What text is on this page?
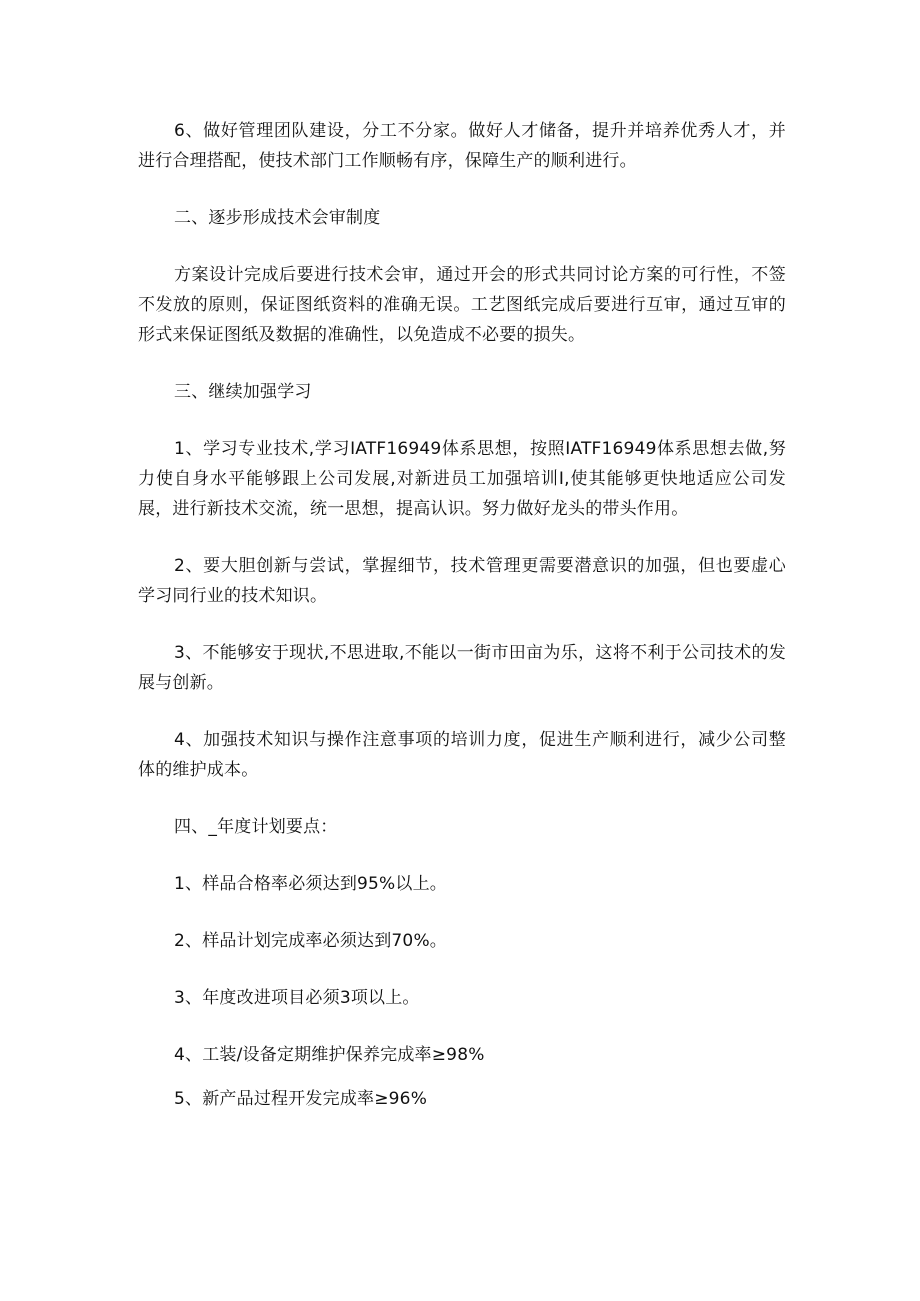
6、做好管理团队建设，分工不分家。做好人才储备，提升并培养优秀人才，并进行合理搭配，使技术部门工作顺畅有序，保障生产的顺利进行。

二、逐步形成技术会审制度

方案设计完成后要进行技术会审，通过开会的形式共同讨论方案的可行性，不签不发放的原则，保证图纸资料的准确无误。工艺图纸完成后要进行互审，通过互审的形式来保证图纸及数据的准确性，以免造成不必要的损失。

三、继续加强学习

1、学习专业技术,学习IATF16949体系思想，按照IATF16949体系思想去做,努力使自身水平能够跟上公司发展,对新进员工加强培训I,使其能够更快地适应公司发展，进行新技术交流，统一思想，提高认识。努力做好龙头的带头作用。

2、要大胆创新与尝试，掌握细节，技术管理更需要潜意识的加强，但也要虚心学习同行业的技术知识。

3、不能够安于现状,不思进取,不能以一街市田亩为乐，这将不利于公司技术的发展与创新。

4、加强技术知识与操作注意事项的培训力度，促进生产顺利进行，减少公司整体的维护成本。

四、_年度计划要点：

1、样品合格率必须达到95%以上。

2、样品计划完成率必须达到70%。

3、年度改进项目必须3项以上。

4、工装/设备定期维护保养完成率≥98%

5、新产品过程开发完成率≥96%
